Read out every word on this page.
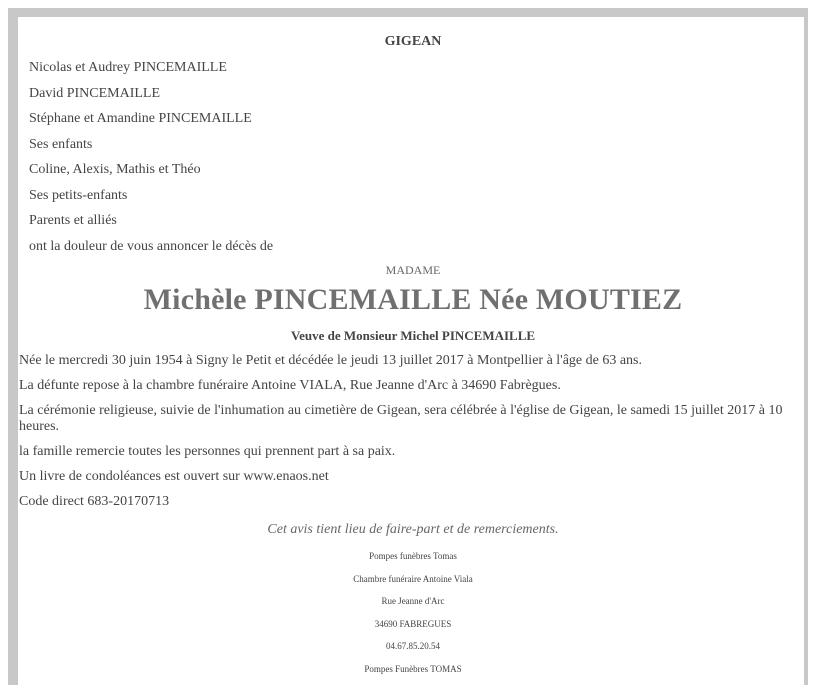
GIGEAN
Nicolas et Audrey PINCEMAILLE
David PINCEMAILLE
Stéphane et Amandine PINCEMAILLE
Ses enfants
Coline, Alexis, Mathis et Théo
Ses petits-enfants
Parents et alliés
ont la douleur de vous annoncer le décès de
MADAME
Michèle PINCEMAILLE Née MOUTIEZ
Veuve de Monsieur Michel PINCEMAILLE

Née le mercredi 30 juin 1954 à Signy le Petit et décédée le jeudi 13 juillet 2017 à Montpellier à l'âge de 63 ans.

La défunte repose à la chambre funéraire Antoine VIALA, Rue Jeanne d'Arc à 34690 Fabrègues.

La cérémonie religieuse, suivie de l'inhumation au cimetière de Gigean, sera célébrée à l'église de Gigean, le samedi 15 juillet 2017 à 10 heures.

la famille remercie toutes les personnes qui prennent part à sa paix.

Un livre de condoléances est ouvert sur www.enaos.net

Code direct 683-20170713

Cet avis tient lieu de faire-part et de remerciements.
Pompes funèbres Tomas
Chambre funéraire Antoine Viala
Rue Jeanne d'Arc
34690 FABREGUES
04.67.85.20.54
Pompes Funèbres TOMAS
